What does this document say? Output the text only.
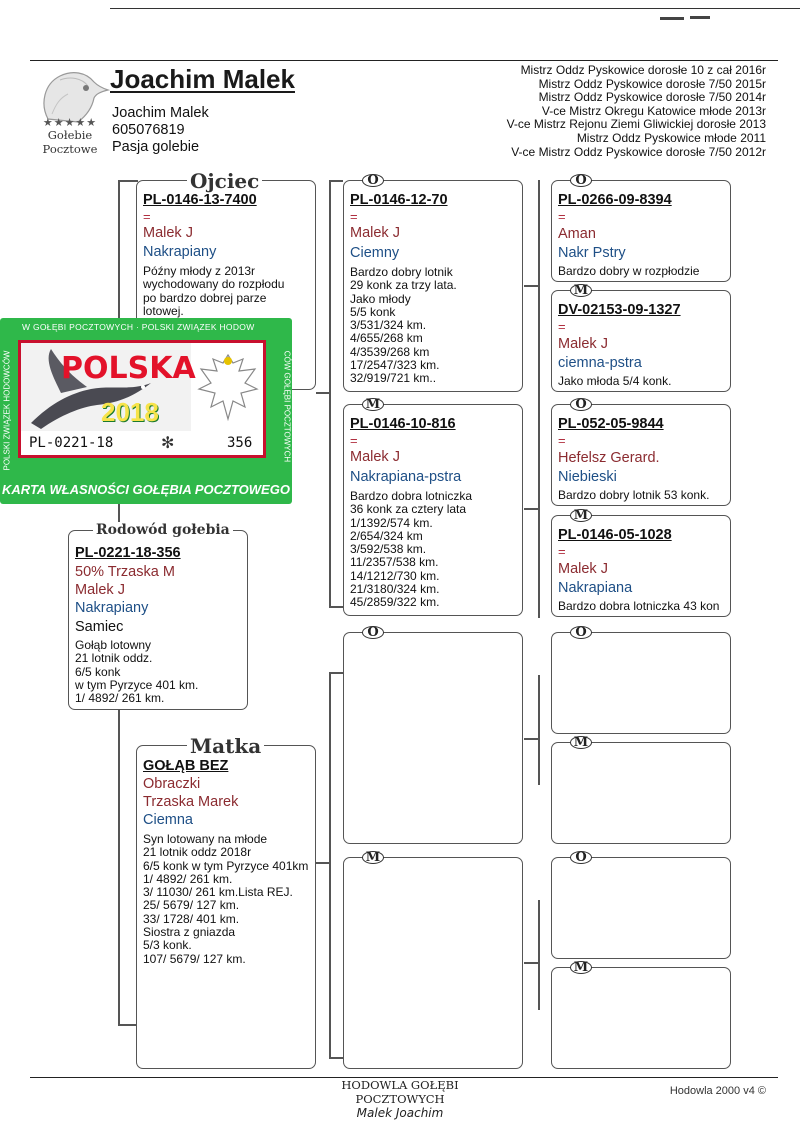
★★★★★
Gołebie
Pocztowe
Joachim Malek
Joachim Malek
605076819
Pasja golebie
Mistrz Oddz Pyskowice dorosłe 10 z cał 2016r
Mistrz Oddz Pyskowice dorosłe 7/50 2015r
Mistrz Oddz Pyskowice dorosłe 7/50 2014r
V-ce Mistrz Okregu Katowice młode 2013r
V-ce Mistrz Rejonu Ziemi Gliwickiej dorosłe 2013
Mistrz Oddz Pyskowice młode 2011
V-ce Mistrz Oddz Pyskowice dorosłe 7/50 2012r
Ojciec
PL-0146-13-7400
=
Malek J
Nakrapiany
Późny młody z 2013r
wychodowany do rozpłodu
po bardzo dobrej parze
lotowej.
Rodowód gołebia
PL-0221-18-356
50% Trzaska M
Malek J
Nakrapiany
Samiec
Gołąb lotowny
21 lotnik oddz.
6/5 konk
w tym Pyrzyce 401 km.
1/ 4892/ 261 km.
Matka
GOŁĄB BEZ
Obraczki
Trzaska Marek
Ciemna
Syn lotowany na młode
21 lotnik oddz 2018r
6/5 konk w tym Pyrzyce 401km
1/ 4892/ 261 km.
3/ 11030/ 261 km.Lista REJ.
25/ 5679/ 127 km.
33/ 1728/ 401 km.
Siostra z gniazda
5/3 konk.
107/ 5679/ 127 km.
O
PL-0146-12-70
=
Malek J
Ciemny
Bardzo dobry lotnik
29 konk za trzy lata.
Jako młody
5/5 konk
3/531/324 km.
4/655/268 km
4/3539/268 km
17/2547/323 km.
32/919/721 km..
M
PL-0146-10-816
=
Malek J
Nakrapiana-pstra
Bardzo dobra lotniczka
36 konk za cztery lata
1/1392/574 km.
2/654/324 km
3/592/538 km.
11/2357/538 km.
14/1212/730 km.
21/3180/324 km.
45/2859/322 km.
O
M
O
PL-0266-09-8394
=
Aman
Nakr Pstry
Bardzo dobry w rozpłodzie
M
DV-02153-09-1327
=
Malek J
ciemna-pstra
Jako młoda 5/4 konk.
O
PL-052-05-9844
=
Hefelsz Gerard.
Niebieski
Bardzo dobry lotnik 53 konk.
M
PL-0146-05-1028
=
Malek J
Nakrapiana
Bardzo dobra lotniczka 43 kon
O
M
O
M
W GOŁĘBI POCZTOWYCH · POLSKI ZWIĄZEK HODOW
POLSKI ZWIĄZEK HODOWCÓW	CÓW GOŁĘBI POCZTOWYCH
POLSKA
2018
PL-0221-18	✻	356
KARTA WŁASNOŚCI GOŁĘBIA POCZTOWEGO
HODOWLA GOŁĘBI
POCZTOWYCH
Malek Joachim
Hodowla 2000 v4 ©
